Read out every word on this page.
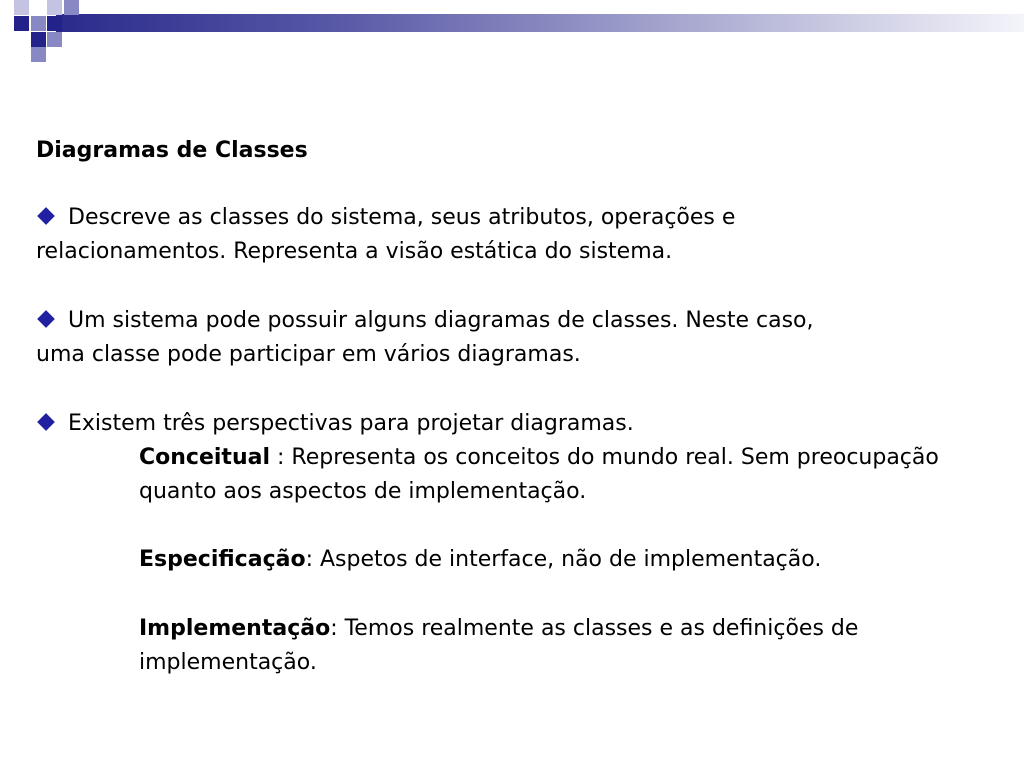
Diagramas de Classes
Descreve as classes do sistema, seus atributos, operações e
relacionamentos. Representa a visão estática do sistema.
Um sistema pode possuir alguns diagramas de classes. Neste caso,
uma classe pode participar em vários diagramas.
Existem três perspectivas para projetar diagramas.
Conceitual : Representa os conceitos do mundo real. Sem preocupação quanto aos aspectos de implementação.
Especificação: Aspetos de interface, não de implementação.
Implementação: Temos realmente as classes e as definições de implementação.
